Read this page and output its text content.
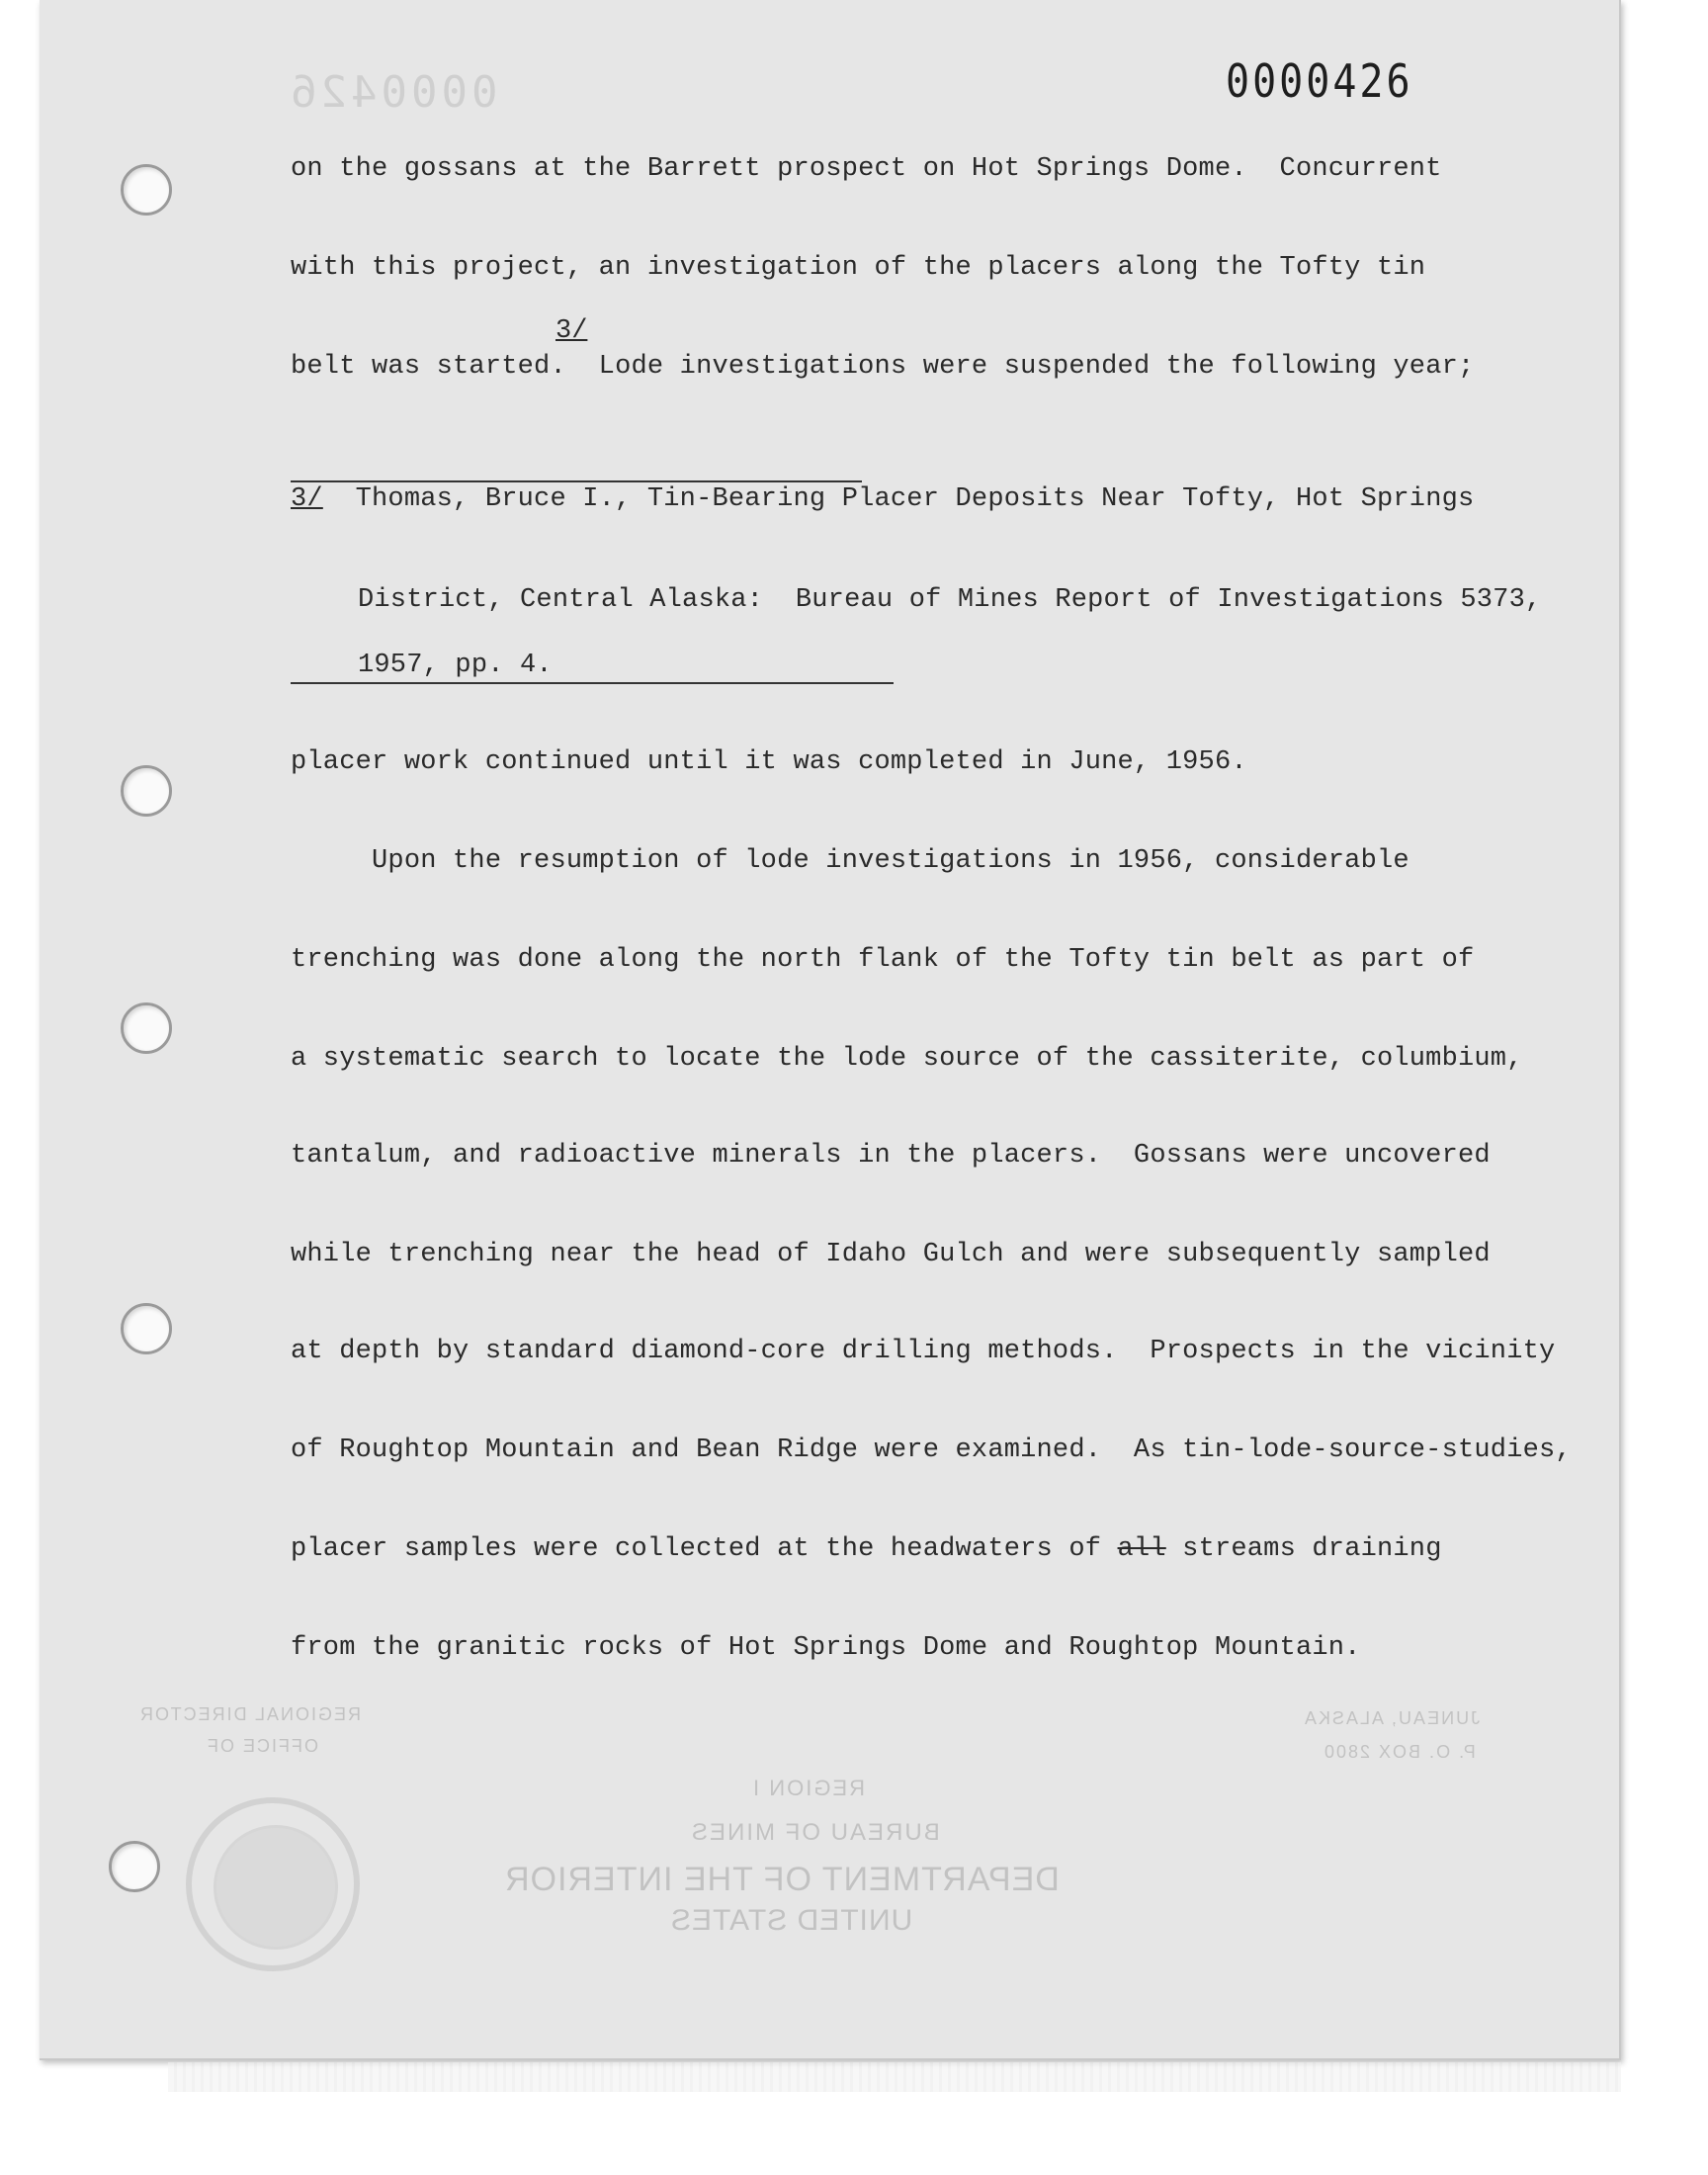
0000426	0000426
on the gossans at the Barrett prospect on Hot Springs Dome.  Concurrent
with this project, an investigation of the placers along the Tofty tin
belt was started.  Lode investigations were suspended the following year;
3/
3/  Thomas, Bruce I., Tin-Bearing Placer Deposits Near Tofty, Hot Springs
District, Central Alaska:  Bureau of Mines Report of Investigations 5373,
1957, pp. 4.
placer work continued until it was completed in June, 1956.
Upon the resumption of lode investigations in 1956, considerable
trenching was done along the north flank of the Tofty tin belt as part of
a systematic search to locate the lode source of the cassiterite, columbium,
tantalum, and radioactive minerals in the placers.  Gossans were uncovered
while trenching near the head of Idaho Gulch and were subsequently sampled
at depth by standard diamond-core drilling methods.  Prospects in the vicinity
of Roughtop Mountain and Bean Ridge were examined.  As tin-lode-source-studies,
placer samples were collected at the headwaters of all streams draining
from the granitic rocks of Hot Springs Dome and Roughtop Mountain.
REGIONAL DIRECTOR
OFFICE OF
JUNEAU, ALASKA
P. O. BOX 2800
REGION I
BUREAU OF MINES
DEPARTMENT OF THE INTERIOR
UNITED STATES
